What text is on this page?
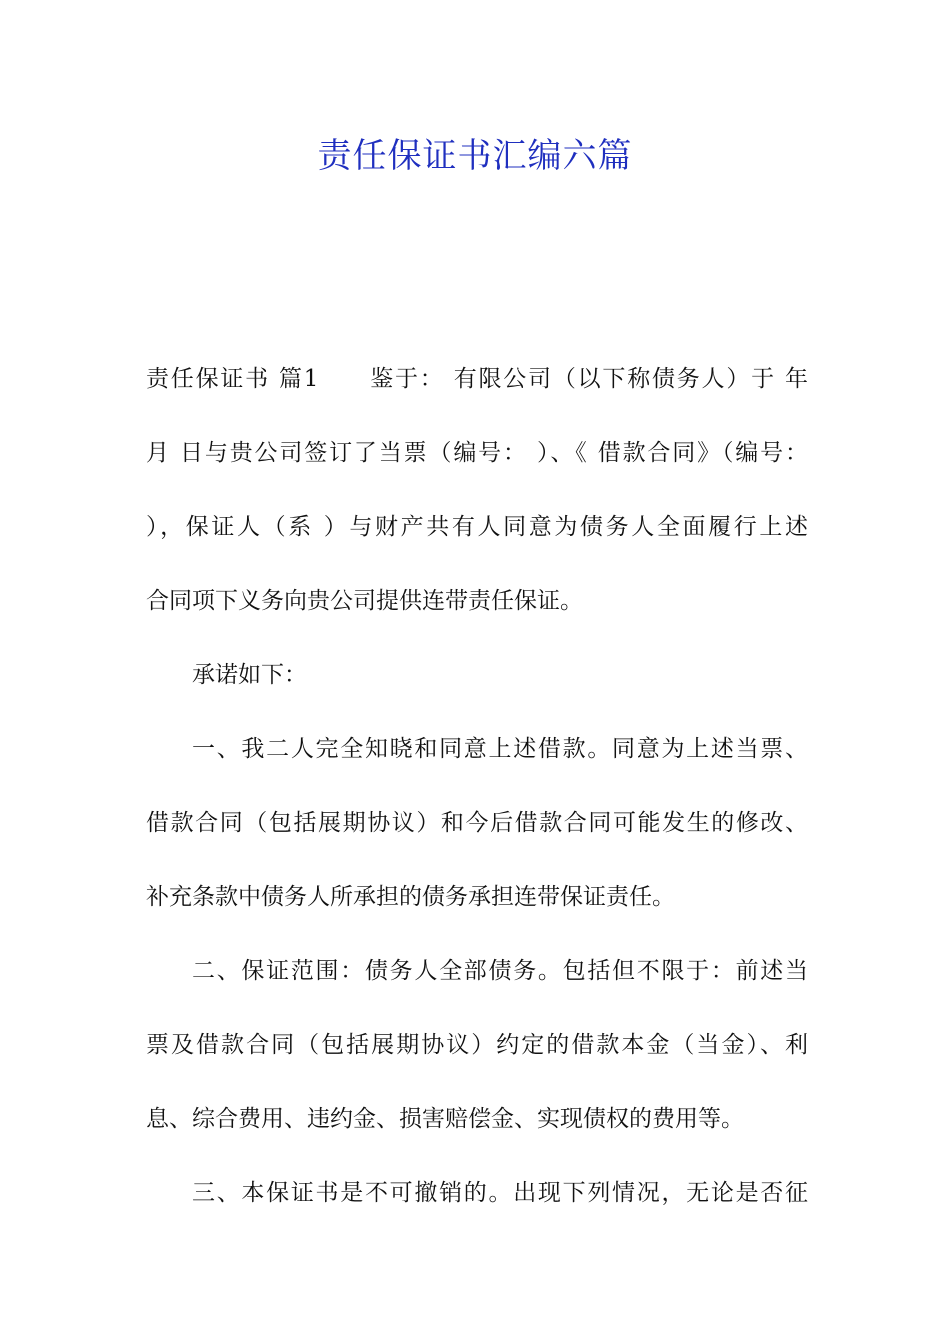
责任保证书汇编六篇
责任保证书 篇1 鉴于： 有限公司（以下称债务人）于 年
月 日与贵公司签订了当票（编号： ）、《 借款合同》（编号：
），保证人（系 ）与财产共有人同意为债务人全面履行上述
合同项下义务向贵公司提供连带责任保证。
承诺如下：
一、我二人完全知晓和同意上述借款。同意为上述当票、
借款合同（包括展期协议）和今后借款合同可能发生的修改、
补充条款中债务人所承担的债务承担连带保证责任。
二、保证范围：债务人全部债务。包括但不限于：前述当
票及借款合同（包括展期协议）约定的借款本金（当金）、利
息、综合费用、违约金、损害赔偿金、实现债权的费用等。
三、本保证书是不可撤销的。出现下列情况，无论是否征
